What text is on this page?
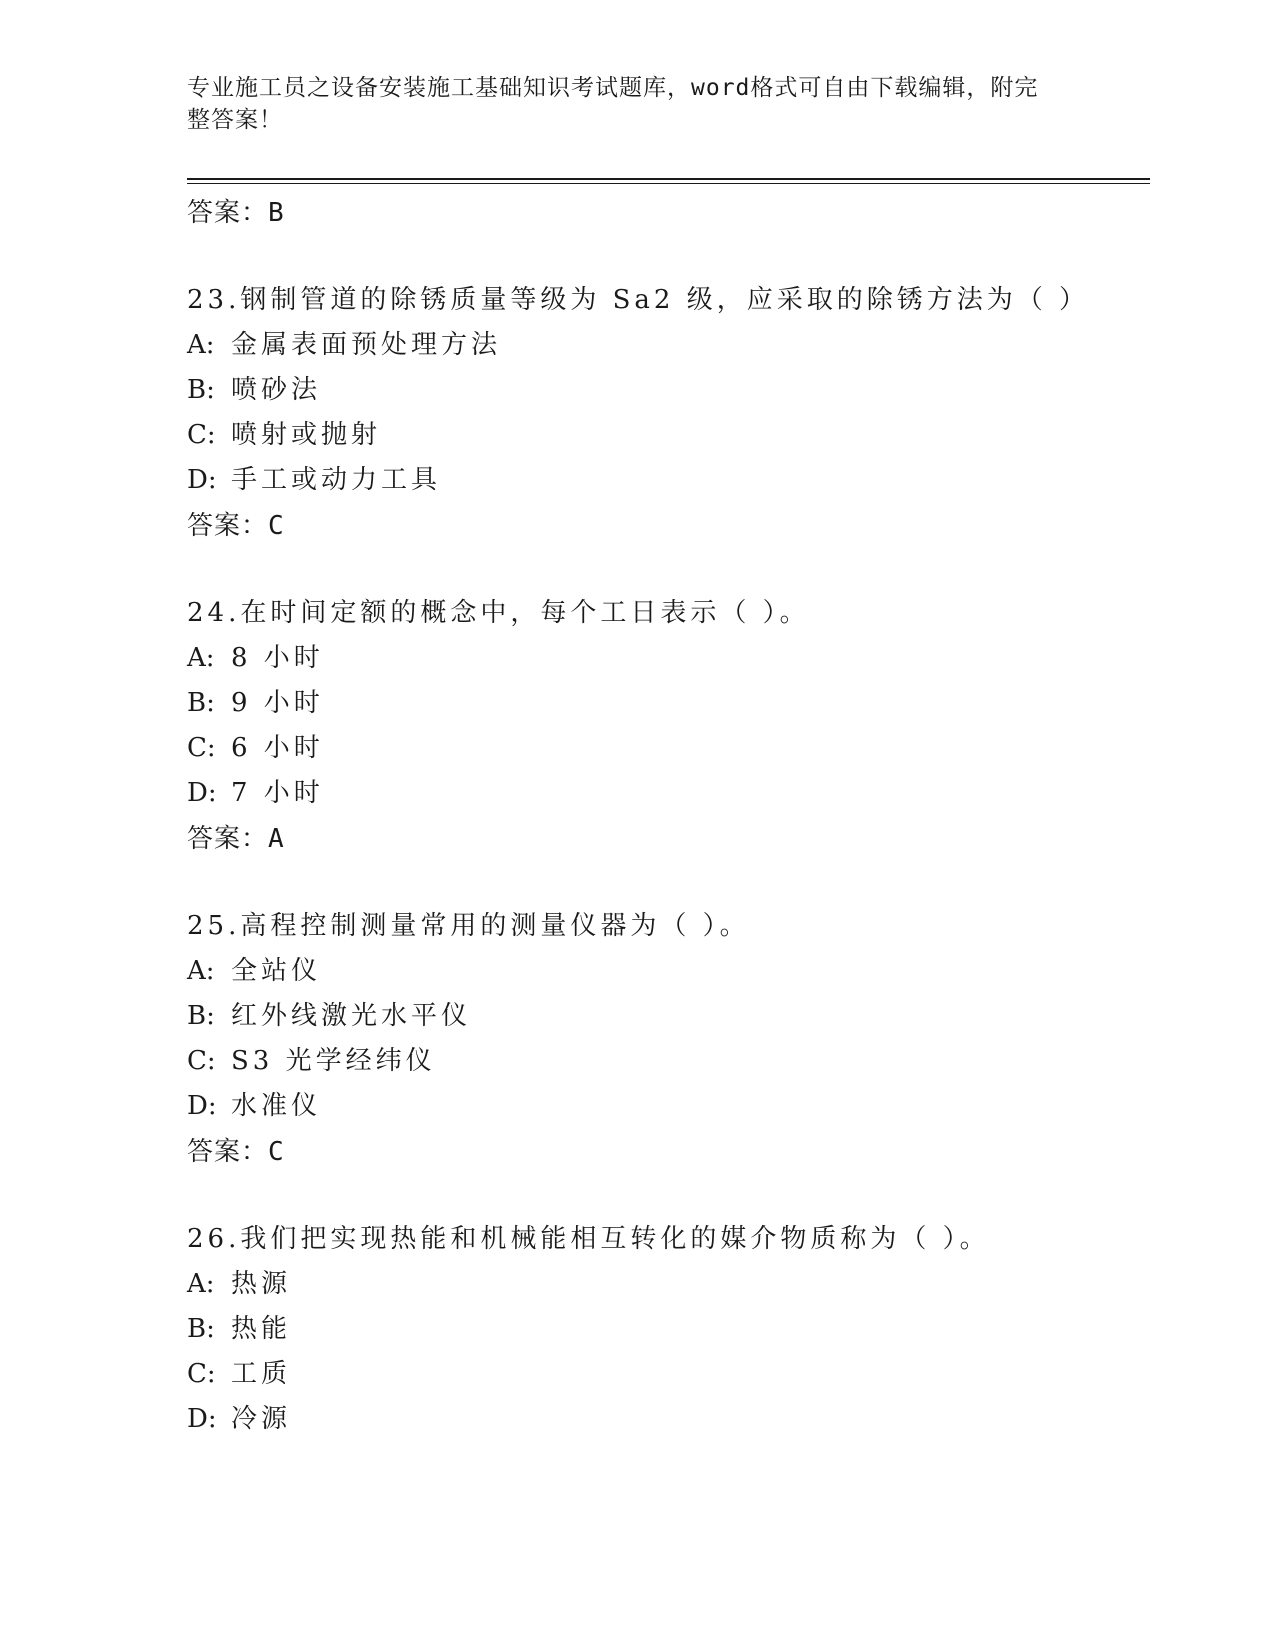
专业施工员之设备安装施工基础知识考试题库，word格式可自由下载编辑，附完
整答案！
答案：B
23.钢制管道的除锈质量等级为 Sa2 级，应采取的除锈方法为（ ）
A: 金属表面预处理方法
B: 喷砂法
C: 喷射或抛射
D: 手工或动力工具
答案：C
24.在时间定额的概念中，每个工日表示（ ）。
A: 8 小时
B: 9 小时
C: 6 小时
D: 7 小时
答案：A
25.高程控制测量常用的测量仪器为（ ）。
A: 全站仪
B: 红外线激光水平仪
C: S3 光学经纬仪
D: 水准仪
答案：C
26.我们把实现热能和机械能相互转化的媒介物质称为（ ）。
A: 热源
B: 热能
C: 工质
D: 冷源
